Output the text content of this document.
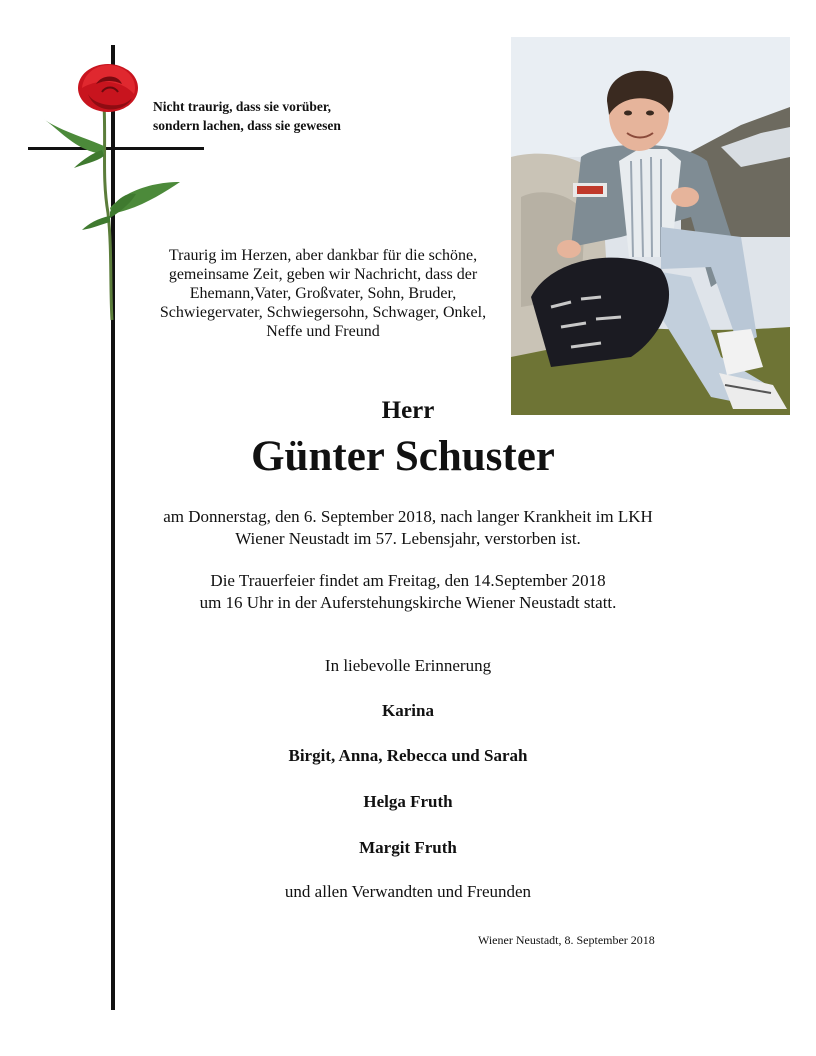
Nicht traurig, dass sie vorüber,
sondern lachen, dass sie gewesen
Traurig im Herzen, aber dankbar für die schöne,
gemeinsame Zeit, geben wir Nachricht, dass der
Ehemann,Vater, Großvater, Sohn, Bruder,
Schwiegervater, Schwiegersohn, Schwager, Onkel,
Neffe und Freund
Herr
Günter Schuster
am Donnerstag, den 6. September 2018, nach langer Krankheit im LKH
Wiener Neustadt im 57. Lebensjahr, verstorben ist.
Die Trauerfeier findet am Freitag, den 14.September 2018
um 16 Uhr in der Auferstehungskirche Wiener Neustadt statt.
In liebevolle Erinnerung
Karina
Birgit, Anna, Rebecca und Sarah
Helga Fruth
Margit Fruth
und allen Verwandten und Freunden
Wiener Neustadt, 8. September 2018
